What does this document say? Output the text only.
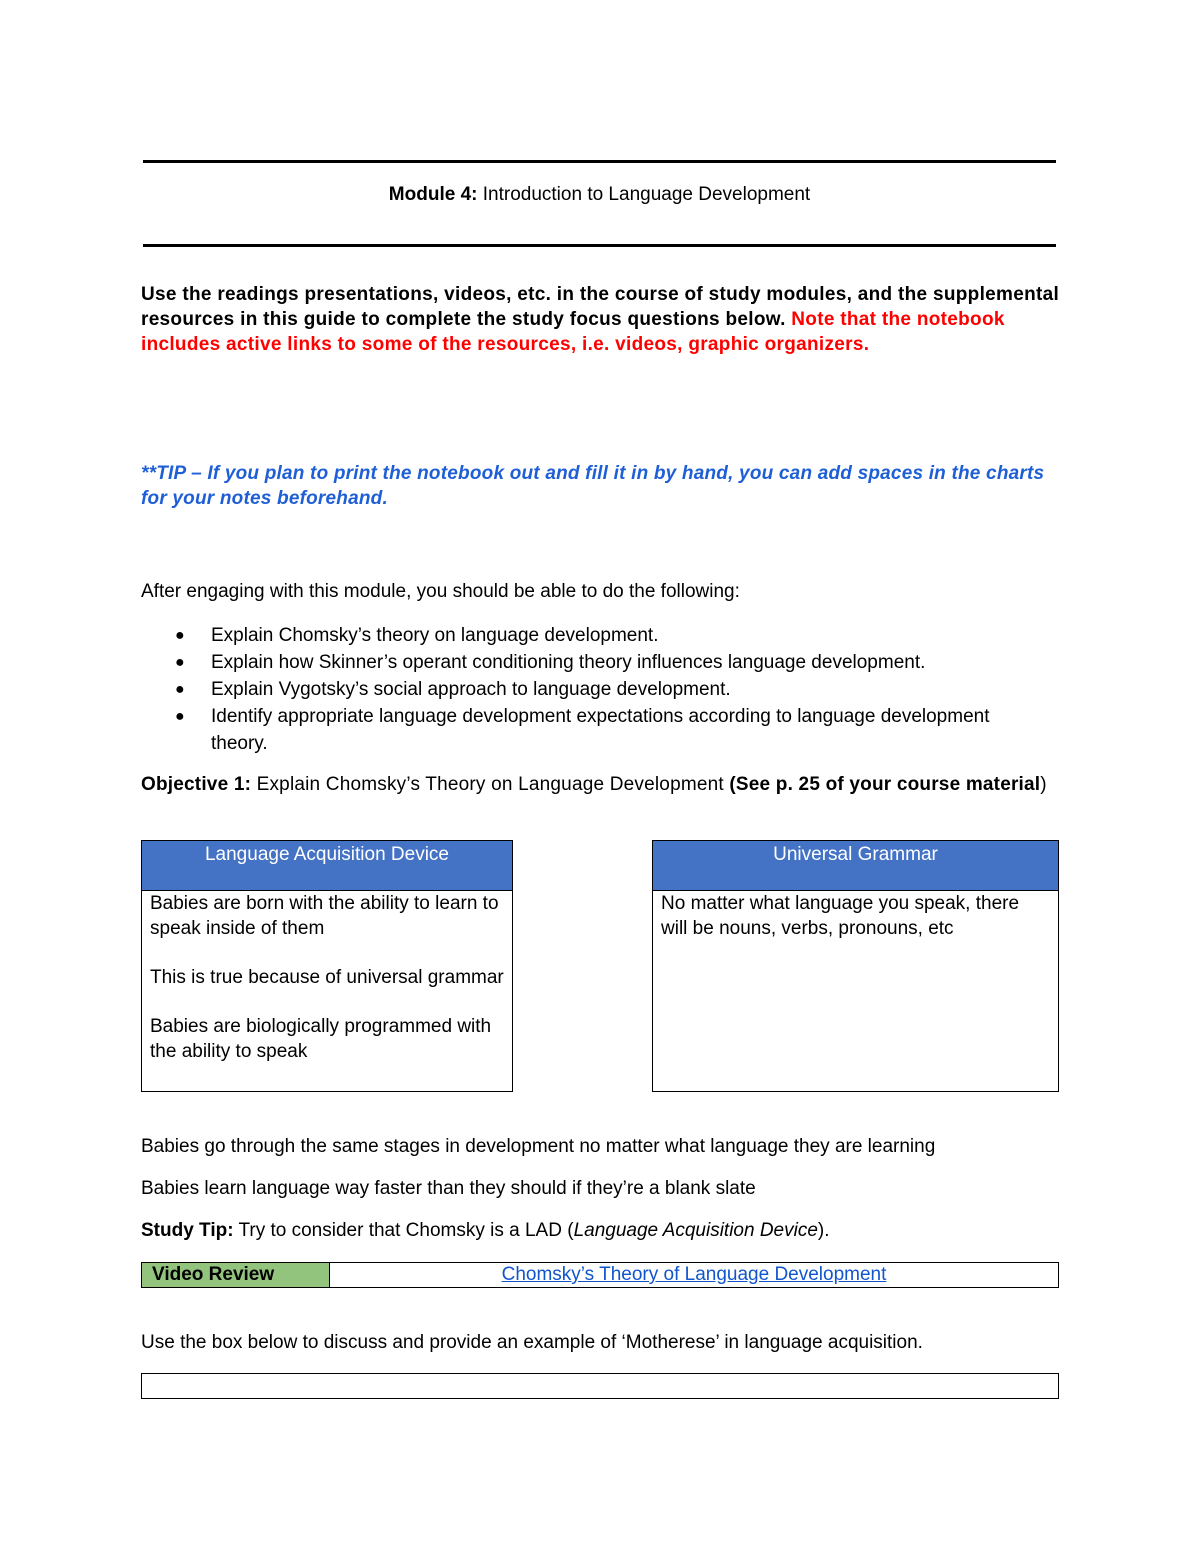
Module 4: Introduction to Language Development
Use the readings presentations, videos, etc. in the course of study modules, and the supplemental resources in this guide to complete the study focus questions below. Note that the notebook includes active links to some of the resources, i.e. videos, graphic organizers.
**TIP – If you plan to print the notebook out and fill it in by hand, you can add spaces in the charts for your notes beforehand.
After engaging with this module, you should be able to do the following:
● Explain Chomsky’s theory on language development.
● Explain how Skinner’s operant conditioning theory influences language development.
● Explain Vygotsky’s social approach to language development.
● Identify appropriate language development expectations according to language development theory.
Objective 1: Explain Chomsky’s Theory on Language Development (See p. 25 of your course material)
Language Acquisition Device

Babies are born with the ability to learn to speak inside of them

This is true because of universal grammar

Babies are biologically programmed with the ability to speak

Universal Grammar

No matter what language you speak, there will be nouns, verbs, pronouns, etc

Babies go through the same stages in development no matter what language they are learning
Babies learn language way faster than they should if they’re a blank slate
Study Tip: Try to consider that Chomsky is a LAD (Language Acquisition Device).
Video Review	Chomsky’s Theory of Language Development
Use the box below to discuss and provide an example of ‘Motherese’ in language acquisition.
